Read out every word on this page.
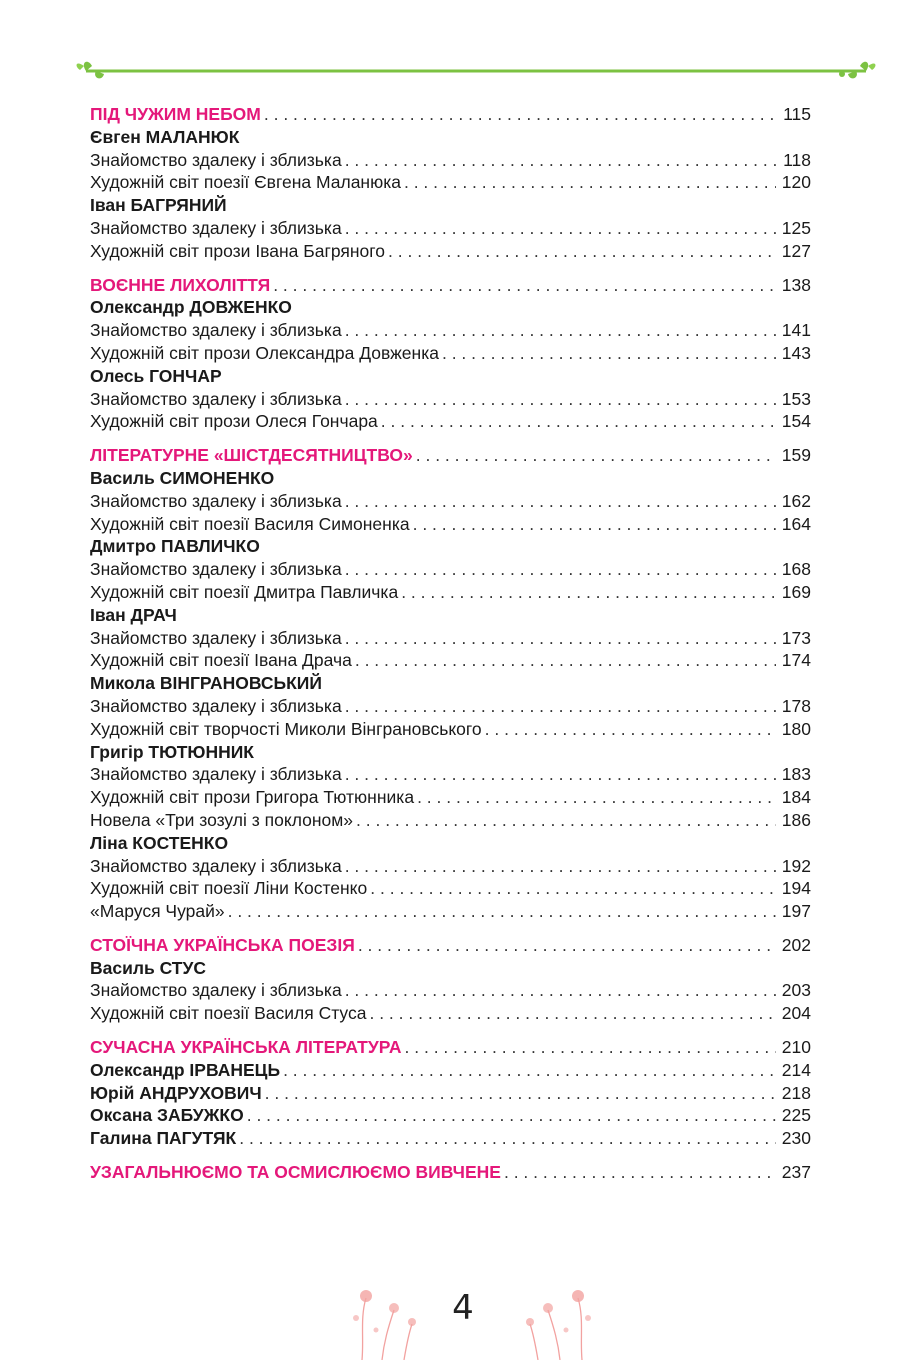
ПІД ЧУЖИМ НЕБОМ . . .	115
Євген МАЛАНЮК
Знайомство здалеку і зблизька . . .	118
Художній світ поезії Євгена Маланюка . . .	120
Іван БАГРЯНИЙ
Знайомство здалеку і зблизька . . .	125
Художній світ прози Івана Багряного . . .	127
ВОЄННЕ ЛИХОЛІТТЯ . . .	138
Олександр ДОВЖЕНКО
Знайомство здалеку і зблизька . . .	141
Художній світ прози Олександра Довженка . . .	143
Олесь ГОНЧАР
Знайомство здалеку і зблизька . . .	153
Художній світ прози Олеся Гончара . . .	154
ЛІТЕРАТУРНЕ «ШІСТДЕСЯТНИЦТВО» . . .	159
Василь СИМОНЕНКО
Знайомство здалеку і зблизька . . .	162
Художній світ поезії Василя Симоненка . . .	164
Дмитро ПАВЛИЧКО
Знайомство здалеку і зблизька . . .	168
Художній світ поезії Дмитра Павличка . . .	169
Іван ДРАЧ
Знайомство здалеку і зблизька . . .	173
Художній світ поезії Івана Драча . . .	174
Микола ВІНГРАНОВСЬКИЙ
Знайомство здалеку і зблизька . . .	178
Художній світ творчості Миколи Вінграновського . . .	180
Григір ТЮТЮННИК
Знайомство здалеку і зблизька . . .	183
Художній світ прози Григора Тютюнника . . .	184
Новела «Три зозулі з поклоном» . . .	186
Ліна КОСТЕНКО
Знайомство здалеку і зблизька . . .	192
Художній світ поезії Ліни Костенко . . .	194
«Маруся Чурай» . . .	197
СТОЇЧНА УКРАЇНСЬКА ПОЕЗІЯ . . .	202
Василь СТУС
Знайомство здалеку і зблизька . . .	203
Художній світ поезії Василя Стуса . . .	204
СУЧАСНА УКРАЇНСЬКА ЛІТЕРАТУРА . . .	210
Олександр ІРВАНЕЦЬ . . .	214
Юрій АНДРУХОВИЧ . . .	218
Оксана ЗАБУЖКО . . .	225
Галина ПАГУТЯК . . .	230
УЗАГАЛЬНЮЄМО ТА ОСМИСЛЮЄМО ВИВЧЕНЕ . . .	237
4
